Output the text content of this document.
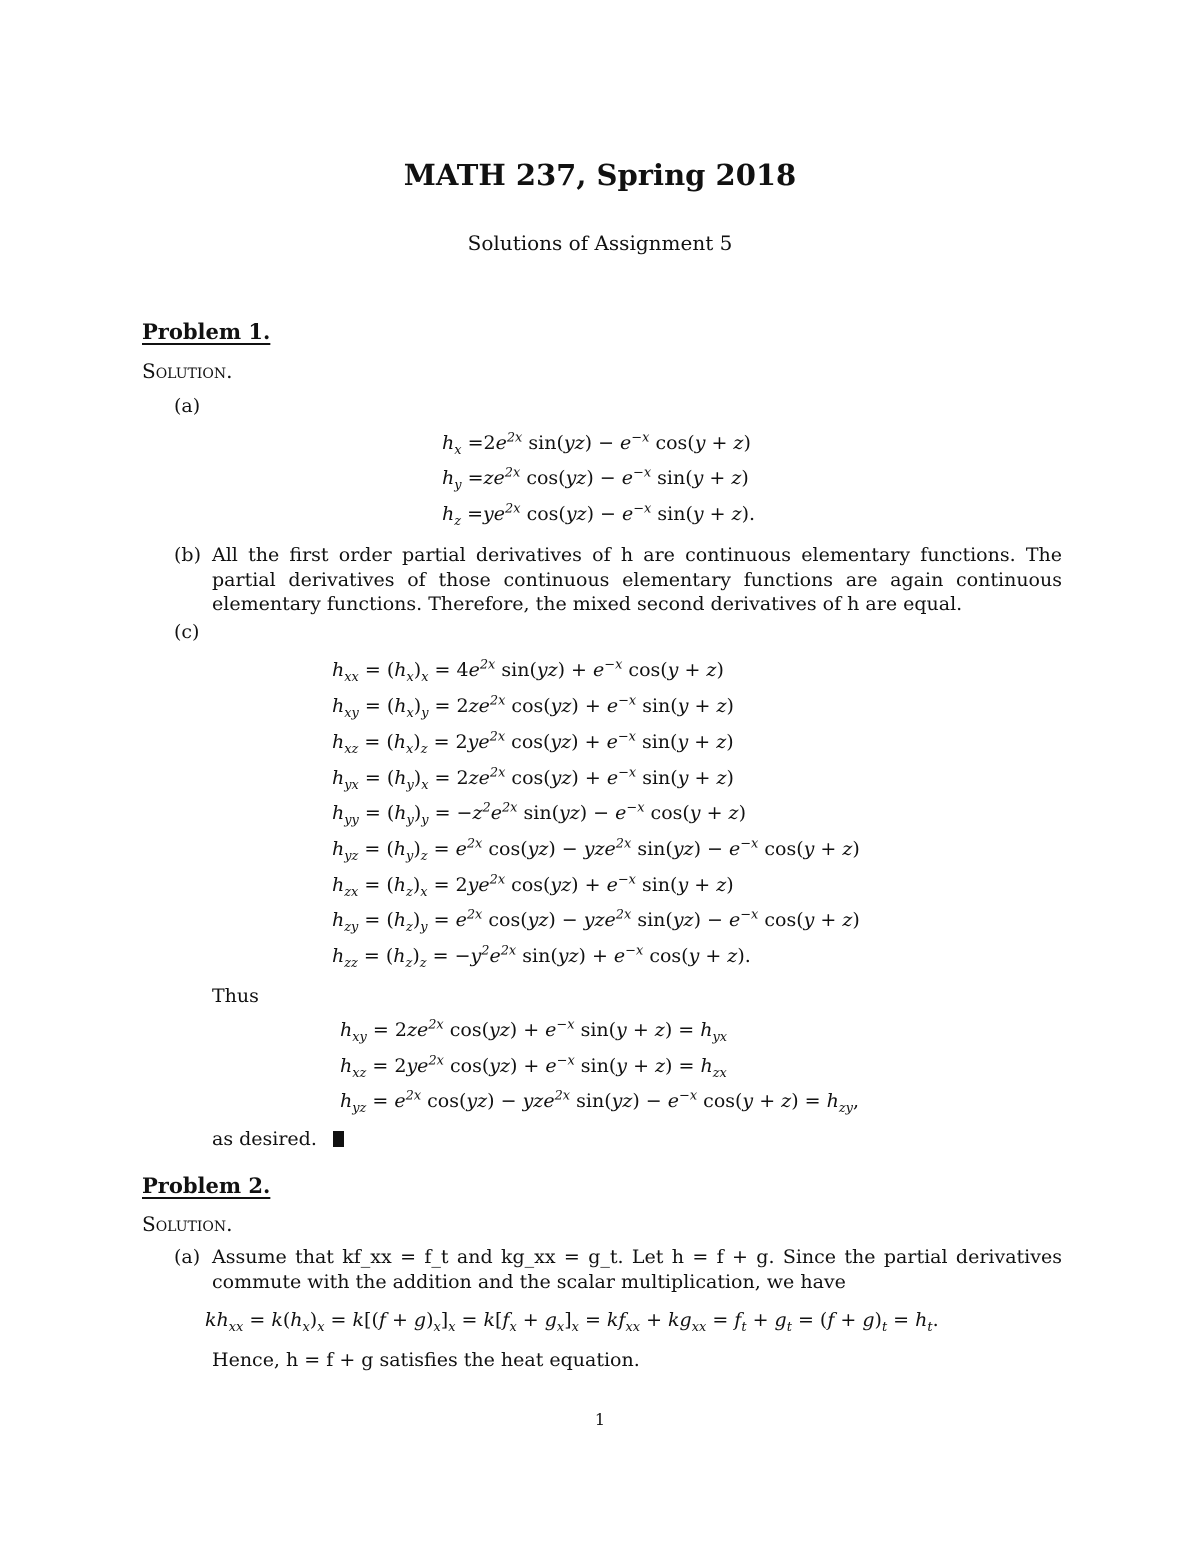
MATH 237, Spring 2018
Solutions of Assignment 5
Problem 1.
Solution.
(a)
$h_x =2e^{2x}$ $\sin(yz) - e^{-x}$ cos(y + z)
$h_y =ze^{2x}$ $\cos(yz) - e^{-x}$ sin(y + z)
$h_z =ye^{2x}$ $\cos(yz) - e^{-x}$ sin(y + z).
(b) All the first order partial derivatives of h are continuous elementary functions. The partial derivatives of those continuous elementary functions are again continuous elementary functions. Therefore, the mixed second derivatives of h are equal.
(c)
$h_{xx} = (h_x)_x = 4e^{2x}$ $\sin(yz) + e^{-x}$ cos(y + z)
$h_{xy} = (h_x)_y = 2ze^{2x}$ $\cos(yz) + e^{-x}$ sin(y + z)
$h_{xz} = (h_x)_z = 2ye^{2x}$ $\cos(yz) + e^{-x}$ sin(y + z)
$h_{yx} = (h_y)_x = 2ze^{2x}$ $\cos(yz) + e^{-x}$ sin(y + z)
$h_{yy} = (h_y)_y = -z^2e^{2x}$ $\sin(yz) - e^{-x}$ cos(y + z)
$h_{yz} = (h_y)_z = e^{2x}$ cos(yz) − yze$^{2x}$ $\sin(yz) - e^{-x}$ cos(y + z)
$h_{zx} = (h_z)_x = 2ye^{2x}$ $\cos(yz) + e^{-x}$ sin(y + z)
$h_{zy} = (h_z)_y = e^{2x}$ cos(yz) − yze$^{2x}$ $\sin(yz) - e^{-x}$ cos(y + z)
$h_{zz} = (h_z)_z = -y^2e^{2x}$ $\sin(yz) + e^{-x}$ cos(y + z).
Thus
$h_{xy} = 2ze^{2x}$ $\cos(yz) + e^{-x}$ $\sin(y + z) = h_{yx}$
$h_{xz} = 2ye^{2x}$ $\cos(yz) + e^{-x}$ $\sin(y + z) = h_{zx}$
$h_{yz} = e^{2x}$ cos(yz) − yze$^{2x}$ $\sin(yz) - e^{-x}$ $\cos(y + z) = h_{zy}$,
as desired.
Problem 2.
Solution.
(a) Assume that kf_xx = f_t and kg_xx = g_t. Let h = f + g. Since the partial derivatives commute with the addition and the scalar multiplication, we have
$kh_{xx} = k(h_x)_x = k[(f + g)_x]_x = k[f_x + g_x]_x = kf_{xx} + kg_{xx} = f_t + g_t = (f + g)_t = h_t$.
Hence, h = f + g satisfies the heat equation.
1
